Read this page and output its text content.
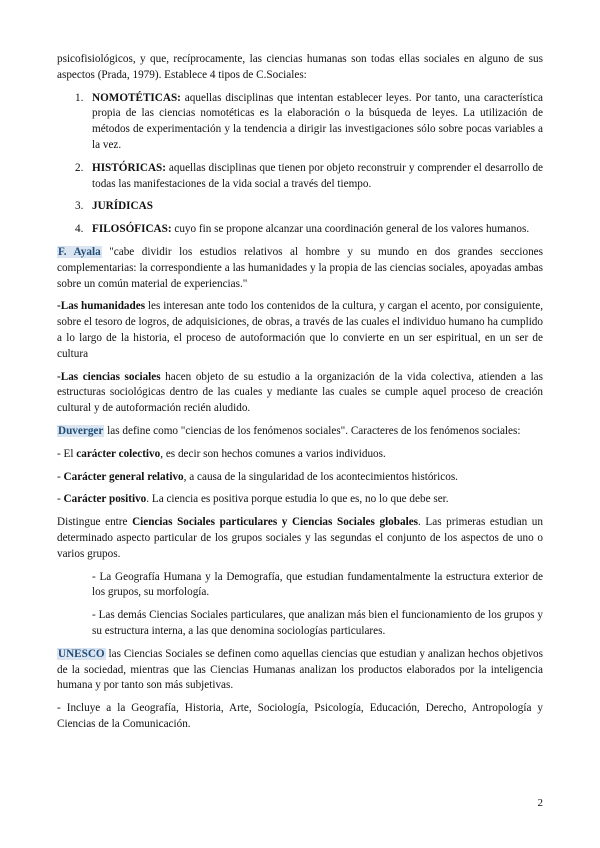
psicofisiológicos, y que, recíprocamente, las ciencias humanas son todas ellas sociales en alguno de sus aspectos (Prada, 1979). Establece 4 tipos de C.Sociales:

1. NOMOTÉTICAS: aquellas disciplinas que intentan establecer leyes. Por tanto, una característica propia de las ciencias nomotéticas es la elaboración o la búsqueda de leyes. La utilización de métodos de experimentación y la tendencia a dirigir las investigaciones sólo sobre pocas variables a la vez.
2. HISTÓRICAS: aquellas disciplinas que tienen por objeto reconstruir y comprender el desarrollo de todas las manifestaciones de la vida social a través del tiempo.
3. JURÍDICAS
4. FILOSÓFICAS: cuyo fin se propone alcanzar una coordinación general de los valores humanos.

F. Ayala "cabe dividir los estudios relativos al hombre y su mundo en dos grandes secciones complementarias: la correspondiente a las humanidades y la propia de las ciencias sociales, apoyadas ambas sobre un común material de experiencias."

-Las humanidades les interesan ante todo los contenidos de la cultura, y cargan el acento, por consiguiente, sobre el tesoro de logros, de adquisiciones, de obras, a través de las cuales el individuo humano ha cumplido a lo largo de la historia, el proceso de autoformación que lo convierte en un ser espiritual, en un ser de cultura

-Las ciencias sociales hacen objeto de su estudio a la organización de la vida colectiva, atienden a las estructuras sociológicas dentro de las cuales y mediante las cuales se cumple aquel proceso de creación cultural y de autoformación recién aludido.

Duverger las define como "ciencias de los fenómenos sociales". Caracteres de los fenómenos sociales:

- El carácter colectivo, es decir son hechos comunes a varios individuos.

- Carácter general relativo, a causa de la singularidad de los acontecimientos históricos.

- Carácter positivo. La ciencia es positiva porque estudia lo que es, no lo que debe ser.

Distingue entre Ciencias Sociales particulares y Ciencias Sociales globales. Las primeras estudian un determinado aspecto particular de los grupos sociales y las segundas el conjunto de los aspectos de uno o varios grupos.

- La Geografía Humana y la Demografía, que estudian fundamentalmente la estructura exterior de los grupos, su morfología.

- Las demás Ciencias Sociales particulares, que analizan más bien el funcionamiento de los grupos y su estructura interna, a las que denomina sociologías particulares.

UNESCO las Ciencias Sociales se definen como aquellas ciencias que estudian y analizan hechos objetivos de la sociedad, mientras que las Ciencias Humanas analizan los productos elaborados por la inteligencia humana y por tanto son más subjetivas.

- Incluye a la Geografía, Historia, Arte, Sociología, Psicología, Educación, Derecho, Antropología y Ciencias de la Comunicación.

2
